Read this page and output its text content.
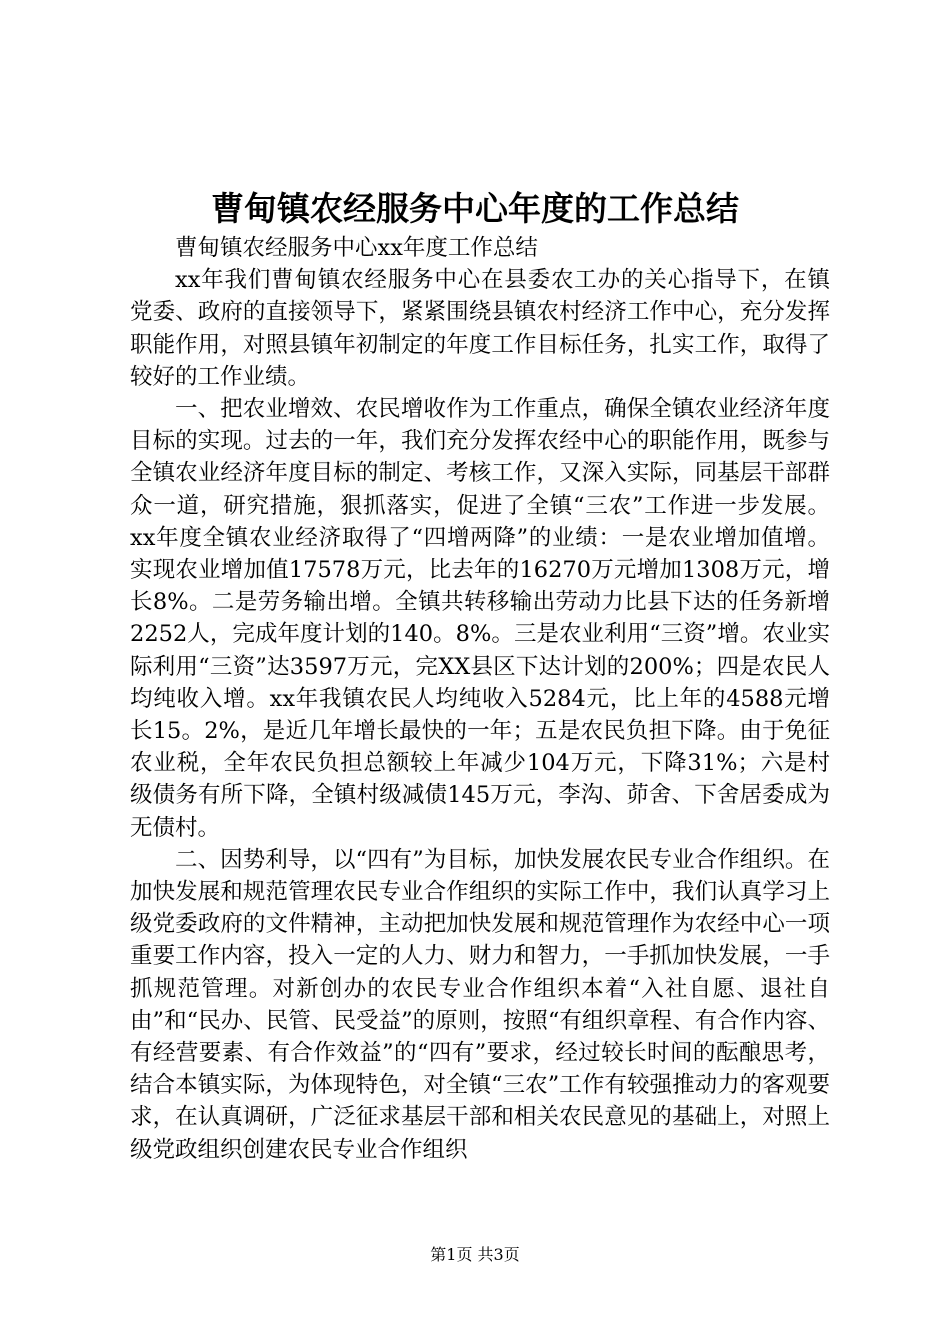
曹甸镇农经服务中心年度的工作总结

曹甸镇农经服务中心xx年度工作总结

xx年我们曹甸镇农经服务中心在县委农工办的关心指导下，在镇党委、政府的直接领导下，紧紧围绕县镇农村经济工作中心，充分发挥职能作用，对照县镇年初制定的年度工作目标任务，扎实工作，取得了较好的工作业绩。

一、把农业增效、农民增收作为工作重点，确保全镇农业经济年度目标的实现。过去的一年，我们充分发挥农经中心的职能作用，既参与全镇农业经济年度目标的制定、考核工作，又深入实际，同基层干部群众一道，研究措施，狠抓落实，促进了全镇“三农”工作进一步发展。xx年度全镇农业经济取得了“四增两降”的业绩：一是农业增加值增。实现农业增加值17578万元，比去年的16270万元增加1308万元，增长8%。二是劳务输出增。全镇共转移输出劳动力比县下达的任务新增2252人，完成年度计划的140。8%。三是农业利用“三资”增。农业实际利用“三资”达3597万元，完XX县区下达计划的200%；四是农民人均纯收入增。xx年我镇农民人均纯收入5284元，比上年的4588元增长15。2%，是近几年增长最快的一年；五是农民负担下降。由于免征农业税，全年农民负担总额较上年减少104万元，下降31%；六是村级债务有所下降，全镇村级减债145万元，李沟、茆舍、下舍居委成为无债村。

二、因势利导，以“四有”为目标，加快发展农民专业合作组织。在加快发展和规范管理农民专业合作组织的实际工作中，我们认真学习上级党委政府的文件精神，主动把加快发展和规范管理作为农经中心一项重要工作内容，投入一定的人力、财力和智力，一手抓加快发展，一手抓规范管理。对新创办的农民专业合作组织本着“入社自愿、退社自由”和“民办、民管、民受益”的原则，按照“有组织章程、有合作内容、有经营要素、有合作效益”的“四有”要求，经过较长时间的酝酿思考，结合本镇实际，为体现特色，对全镇“三农”工作有较强推动力的客观要求，在认真调研，广泛征求基层干部和相关农民意见的基础上，对照上级党政组织创建农民专业合作组织

第1页 共3页
